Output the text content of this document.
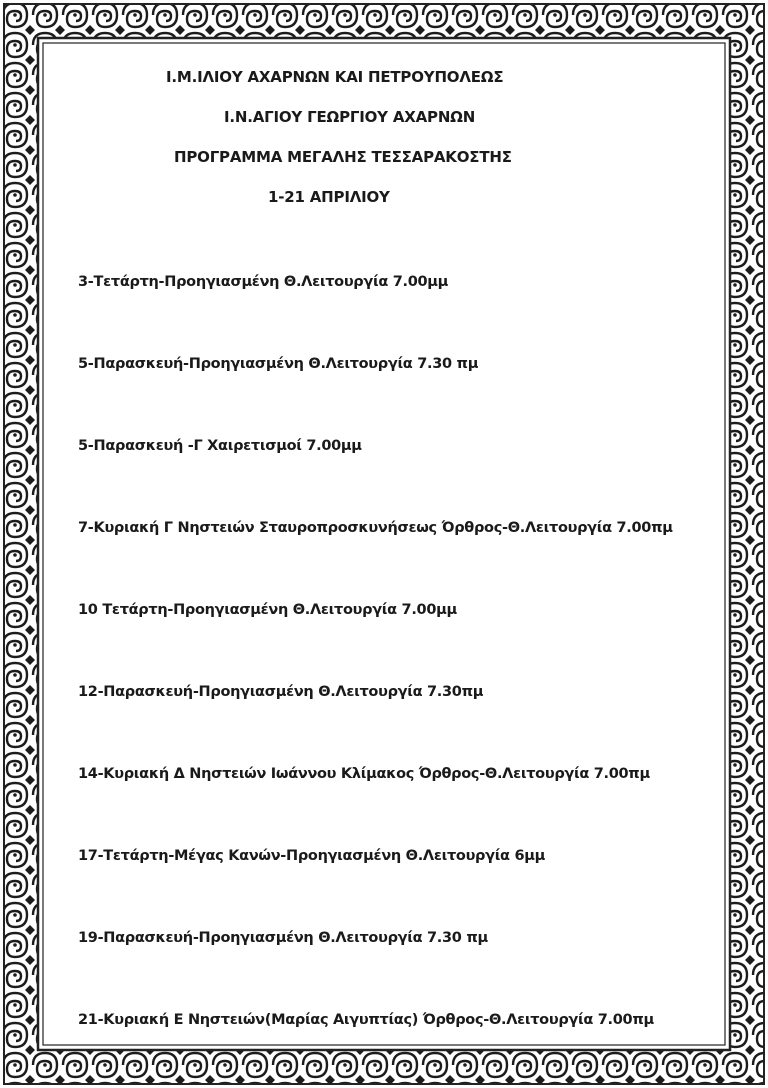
Ι.Μ.ΙΛΙΟΥ ΑΧΑΡΝΩΝ ΚΑΙ ΠΕΤΡΟΥΠΟΛΕΩΣ
Ι.Ν.ΑΓΙΟΥ ΓΕΩΡΓΙΟΥ ΑΧΑΡΝΩΝ
ΠΡΟΓΡΑΜΜΑ ΜΕΓΑΛΗΣ ΤΕΣΣΑΡΑΚΟΣΤΗΣ
1-21 ΑΠΡΙΛΙΟΥ
3-Τετάρτη-Προηγιασμένη Θ.Λειτουργία 7.00μμ
5-Παρασκευή-Προηγιασμένη Θ.Λειτουργία 7.30 πμ
5-Παρασκευή -Γ Χαιρετισμοί 7.00μμ
7-Κυριακή Γ Νηστειών Σταυροπροσκυνήσεως Όρθρος-Θ.Λειτουργία 7.00πμ
10 Τετάρτη-Προηγιασμένη Θ.Λειτουργία 7.00μμ
12-Παρασκευή-Προηγιασμένη Θ.Λειτουργία 7.30πμ
14-Κυριακή Δ Νηστειών Ιωάννου Κλίμακος Όρθρος-Θ.Λειτουργία 7.00πμ
17-Τετάρτη-Μέγας Κανών-Προηγιασμένη Θ.Λειτουργία 6μμ
19-Παρασκευή-Προηγιασμένη Θ.Λειτουργία 7.30 πμ
21-Κυριακή Ε Νηστειών(Μαρίας Αιγυπτίας) Όρθρος-Θ.Λειτουργία 7.00πμ
